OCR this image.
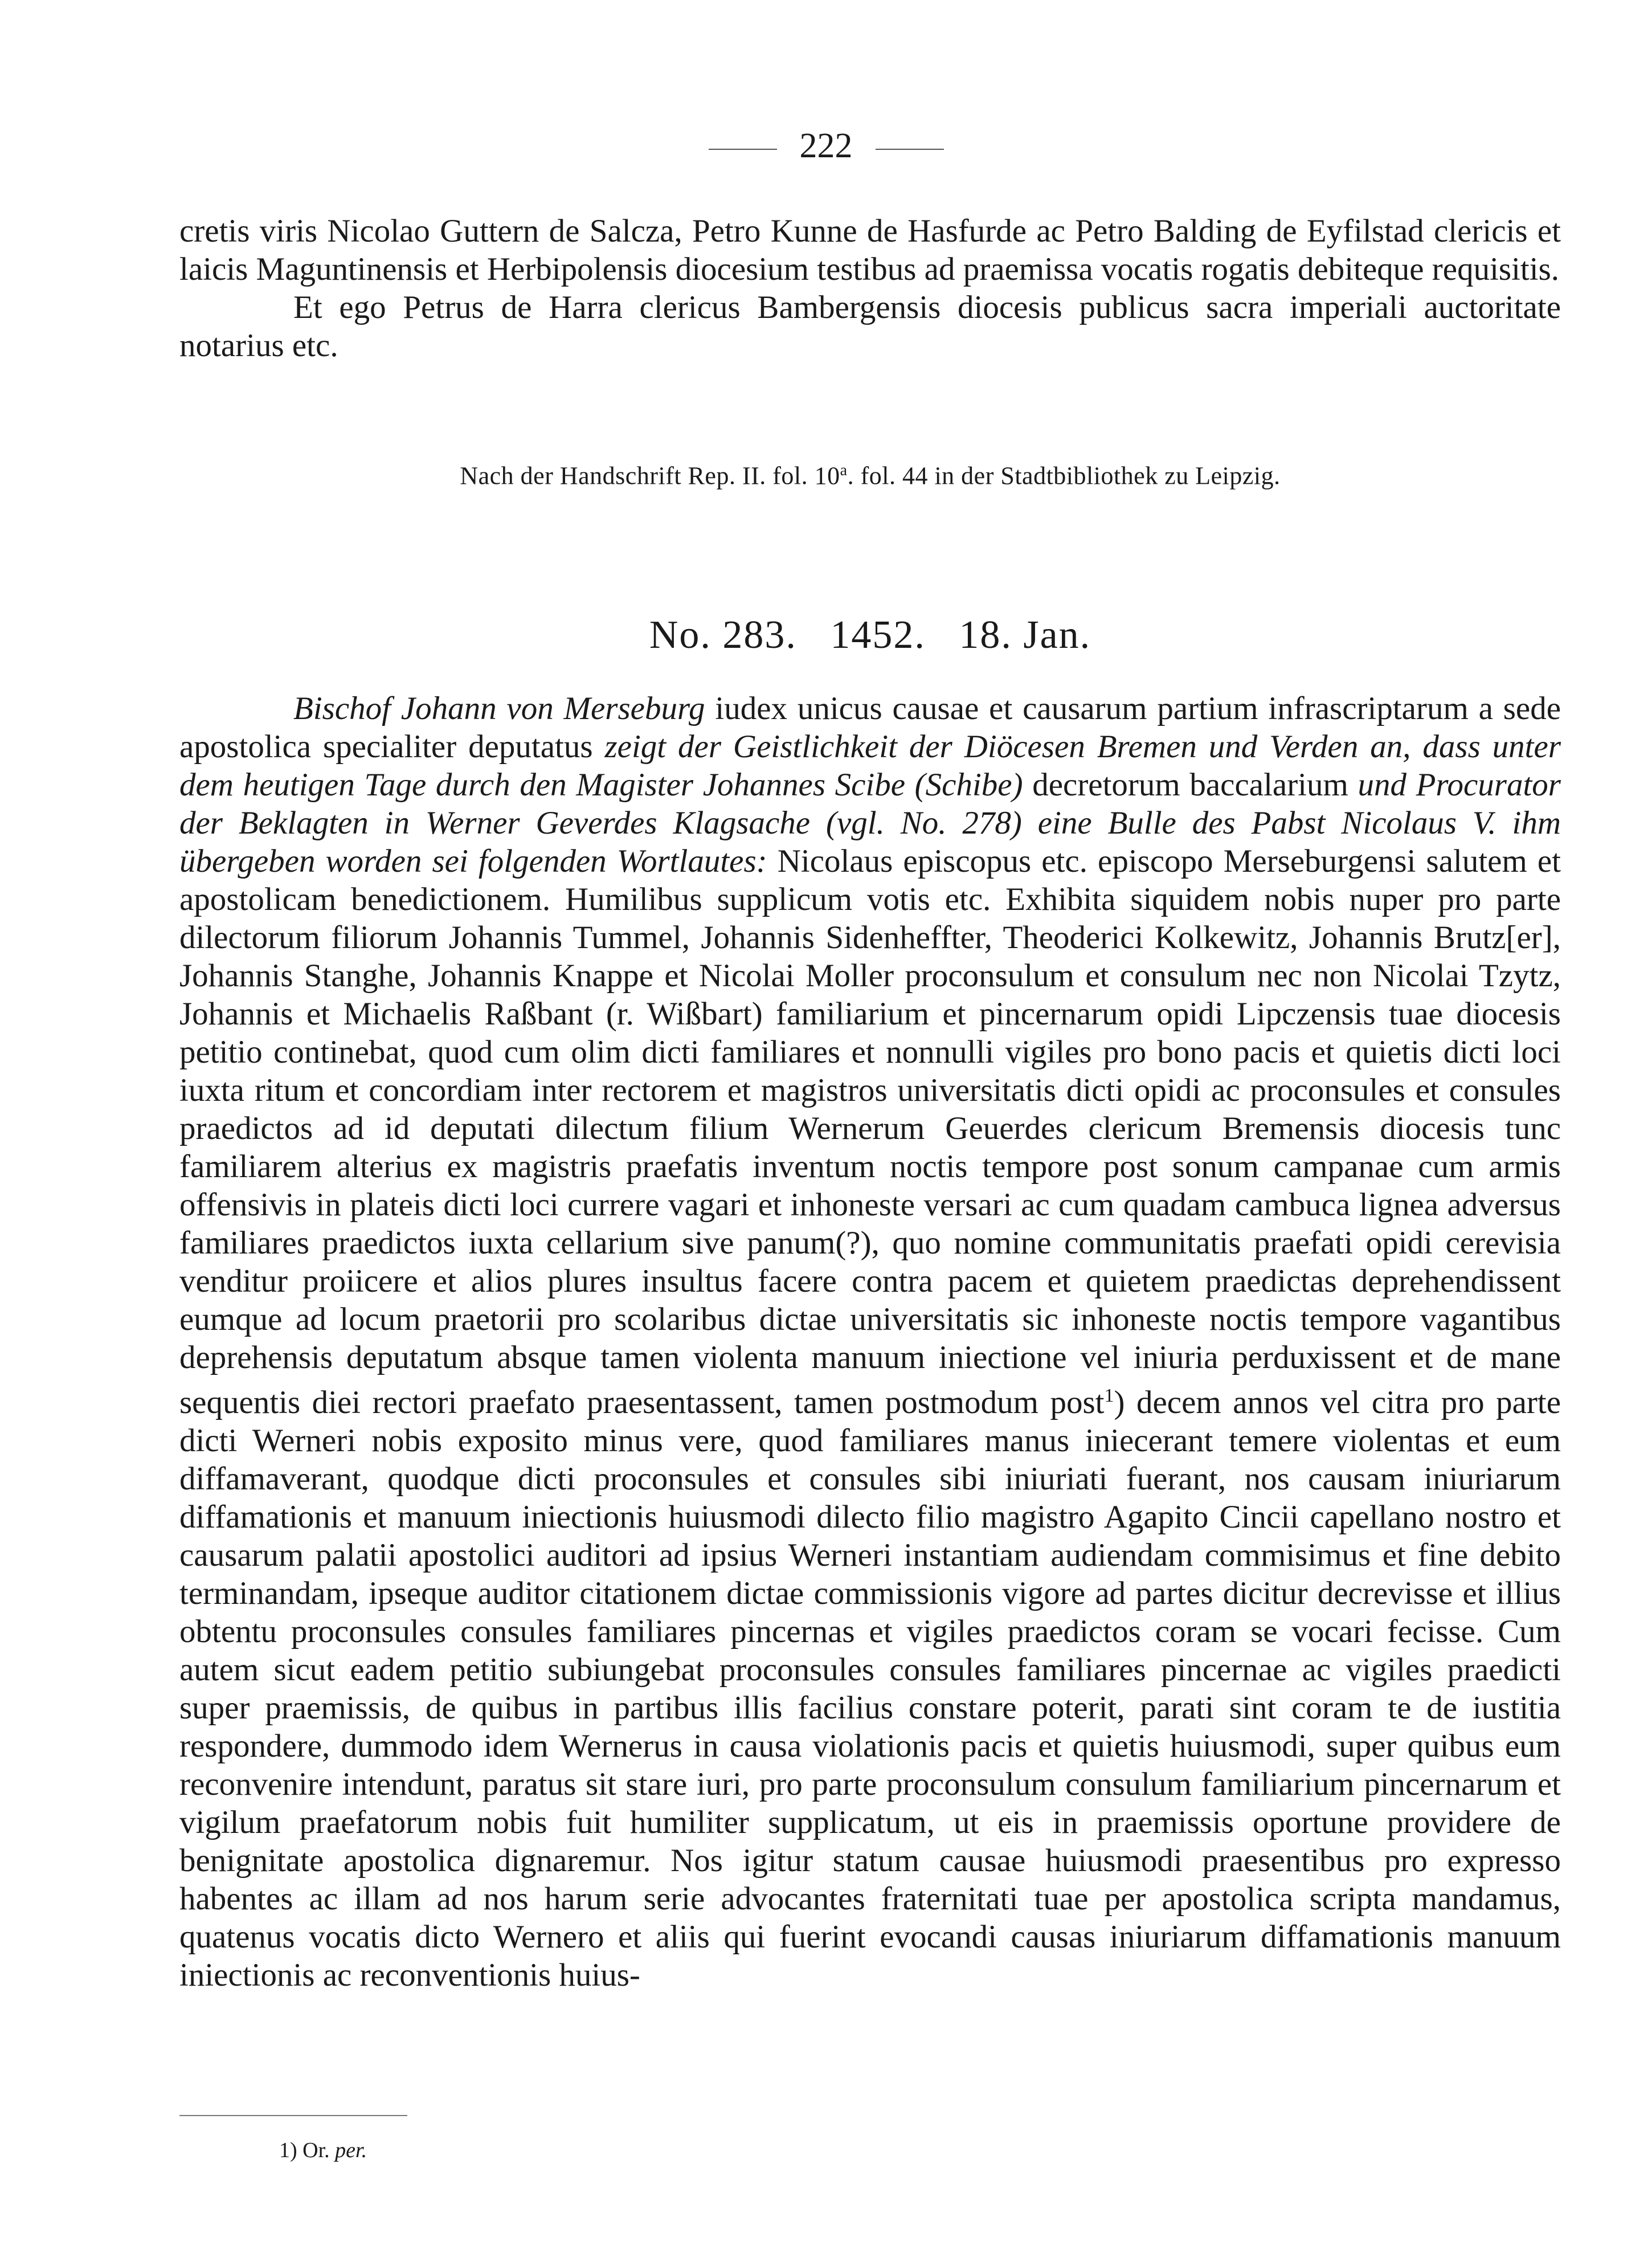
222

cretis viris Nicolao Guttern de Salcza, Petro Kunne de Hasfurde ac Petro Balding de Eyfilstad clericis et laicis Maguntinensis et Herbipolensis diocesium testibus ad praemissa vocatis rogatis debiteque requisitis.

Et ego Petrus de Harra clericus Bambergensis diocesis publicus sacra imperiali auctoritate notarius etc.

Nach der Handschrift Rep. II. fol. 10$^a$. fol. 44 in der Stadtbibliothek zu Leipzig.

No. 283.   1452.   18. Jan.

Bischof Johann von Merseburg iudex unicus causae et causarum partium infrascriptarum a sede apostolica specialiter deputatus zeigt der Geistlichkeit der Diöcesen Bremen und Verden an, dass unter dem heutigen Tage durch den Magister Johannes Scibe (Schibe) decretorum baccalarium und Procurator der Beklagten in Werner Geverdes Klagsache (vgl. No. 278) eine Bulle des Pabst Nicolaus V. ihm übergeben worden sei folgenden Wortlautes: Nicolaus episcopus etc. episcopo Merseburgensi salutem et apostolicam benedictionem. Humilibus supplicum votis etc. Exhibita siquidem nobis nuper pro parte dilectorum filiorum Johannis Tummel, Johannis Sidenheffter, Theoderici Kolkewitz, Johannis Brutz[er], Johannis Stanghe, Johannis Knappe et Nicolai Moller proconsulum et consulum nec non Nicolai Tzytz, Johannis et Michaelis Raßbant (r. Wißbart) familiarium et pincernarum opidi Lipczensis tuae diocesis petitio continebat, quod cum olim dicti familiares et nonnulli vigiles pro bono pacis et quietis dicti loci iuxta ritum et concordiam inter rectorem et magistros universitatis dicti opidi ac proconsules et consules praedictos ad id deputati dilectum filium Wernerum Geuerdes clericum Bremensis diocesis tunc familiarem alterius ex magistris praefatis inventum noctis tempore post sonum campanae cum armis offensivis in plateis dicti loci currere vagari et inhoneste versari ac cum quadam cambuca lignea adversus familiares praedictos iuxta cellarium sive panum(?), quo nomine communitatis praefati opidi cerevisia venditur proiicere et alios plures insultus facere contra pacem et quietem praedictas deprehendissent eumque ad locum praetorii pro scolaribus dictae universitatis sic inhoneste noctis tempore vagantibus deprehensis deputatum absque tamen violenta manuum iniectione vel iniuria perduxissent et de mane sequentis diei rectori praefato praesentassent, tamen postmodum post$^1$) decem annos vel citra pro parte dicti Werneri nobis exposito minus vere, quod familiares manus iniecerant temere violentas et eum diffamaverant, quodque dicti proconsules et consules sibi iniuriati fuerant, nos causam iniuriarum diffamationis et manuum iniectionis huiusmodi dilecto filio magistro Agapito Cincii capellano nostro et causarum palatii apostolici auditori ad ipsius Werneri instantiam audiendam commisimus et fine debito terminandam, ipseque auditor citationem dictae commissionis vigore ad partes dicitur decrevisse et illius obtentu proconsules consules familiares pincernas et vigiles praedictos coram se vocari fecisse. Cum autem sicut eadem petitio subiungebat proconsules consules familiares pincernae ac vigiles praedicti super praemissis, de quibus in partibus illis facilius constare poterit, parati sint coram te de iustitia respondere, dummodo idem Wernerus in causa violationis pacis et quietis huiusmodi, super quibus eum reconvenire intendunt, paratus sit stare iuri, pro parte proconsulum consulum familiarium pincernarum et vigilum praefatorum nobis fuit humiliter supplicatum, ut eis in praemissis oportune providere de benignitate apostolica dignaremur. Nos igitur statum causae huiusmodi praesentibus pro expresso habentes ac illam ad nos harum serie advocantes fraternitati tuae per apostolica scripta mandamus, quatenus vocatis dicto Wernero et aliis qui fuerint evocandi causas iniuriarum diffamationis manuum iniectionis ac reconventionis huius-

1) Or. per.
